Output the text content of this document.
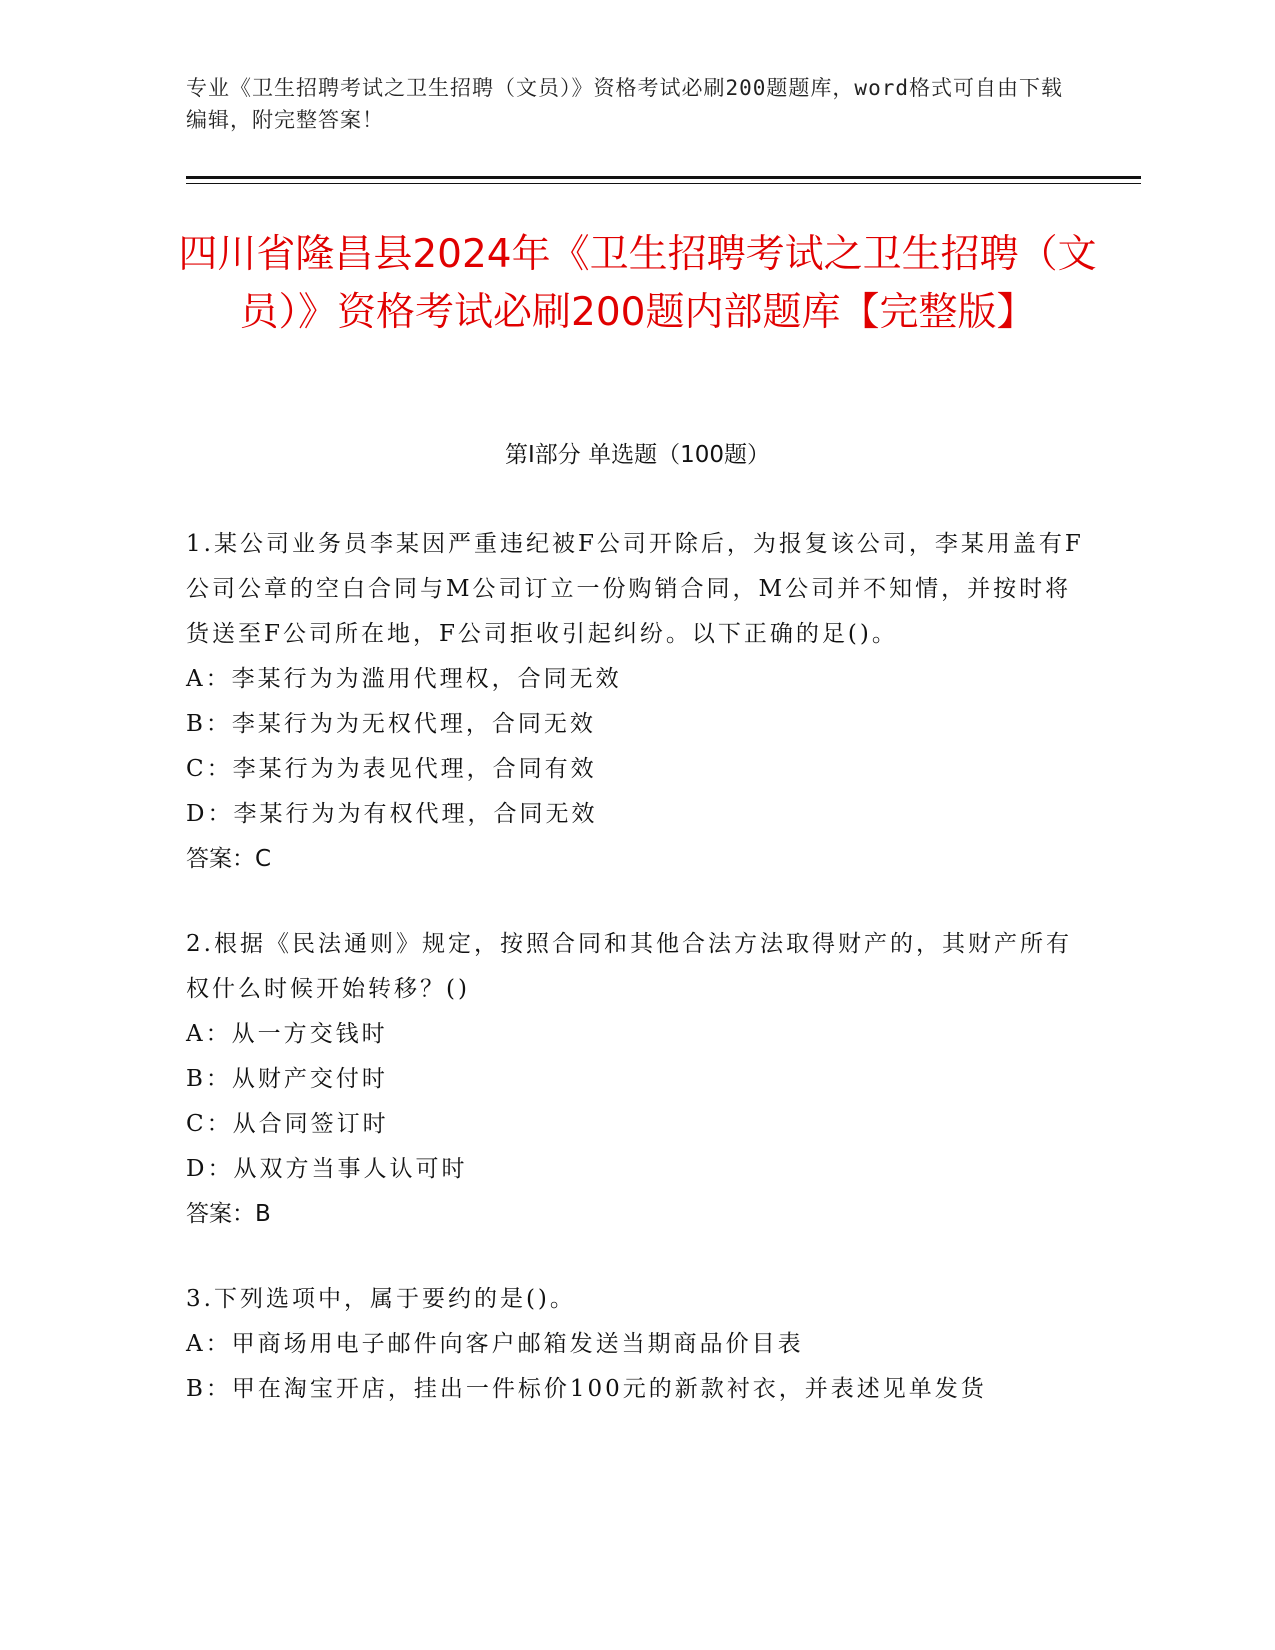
专业《卫生招聘考试之卫生招聘（文员）》资格考试必刷200题题库，word格式可自由下载编辑，附完整答案！
四川省隆昌县2024年《卫生招聘考试之卫生招聘（文员）》资格考试必刷200题内部题库【完整版】
第I部分 单选题（100题）

1.某公司业务员李某因严重违纪被F公司开除后，为报复该公司，李某用盖有F公司公章的空白合同与M公司订立一份购销合同，M公司并不知情，并按时将货送至F公司所在地，F公司拒收引起纠纷。以下正确的足()。

A：李某行为为滥用代理权，合同无效

B：李某行为为无权代理，合同无效

C：李某行为为表见代理，合同有效

D：李某行为为有权代理，合同无效

答案：C

2.根据《民法通则》规定，按照合同和其他合法方法取得财产的，其财产所有权什么时候开始转移？()

A：从一方交钱时

B：从财产交付时

C：从合同签订时

D：从双方当事人认可时

答案：B

3.下列选项中，属于要约的是()。

A：甲商场用电子邮件向客户邮箱发送当期商品价目表

B：甲在淘宝开店，挂出一件标价100元的新款衬衣，并表述见单发货
